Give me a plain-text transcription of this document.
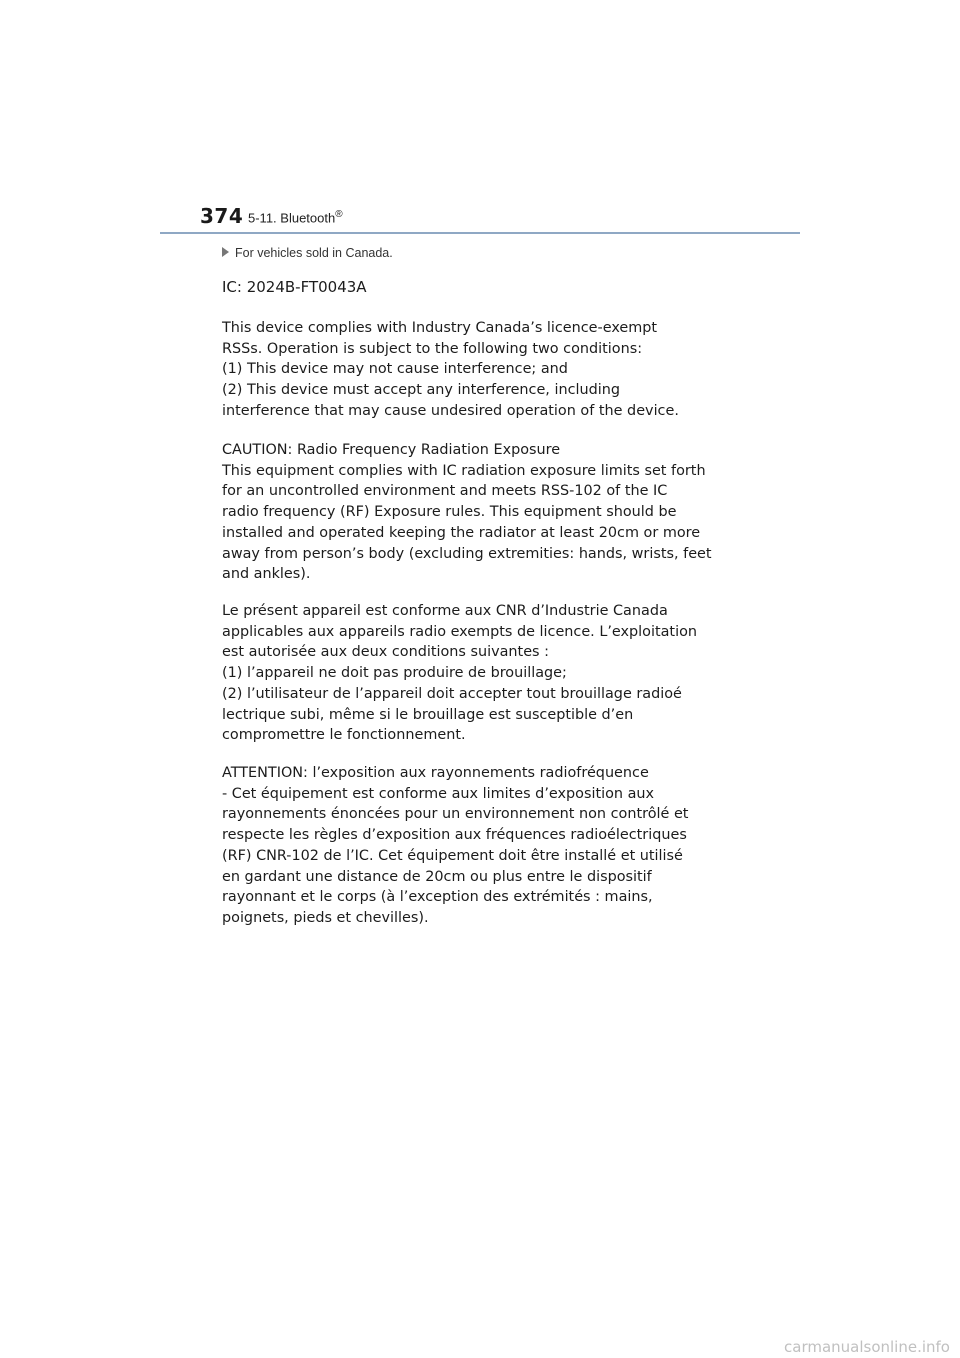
374 5-11. Bluetooth®
For vehicles sold in Canada.
IC: 2024B-FT0043A
This device complies with Industry Canada’s licence-exempt
RSSs. Operation is subject to the following two conditions:
(1) This device may not cause interference; and
(2) This device must accept any interference, including
interference that may cause undesired operation of the device.
CAUTION: Radio Frequency Radiation Exposure
This equipment complies with IC radiation exposure limits set forth
for an uncontrolled environment and meets RSS-102 of the IC
radio frequency (RF) Exposure rules. This equipment should be
installed and operated keeping the radiator at least 20cm or more
away from person’s body (excluding extremities: hands, wrists, feet
and ankles).
Le présent appareil est conforme aux CNR d’Industrie Canada
applicables aux appareils radio exempts de licence. L’exploitation
est autorisée aux deux conditions suivantes :
(1) l’appareil ne doit pas produire de brouillage;
(2) l’utilisateur de l’appareil doit accepter tout brouillage radioé
lectrique subi, même si le brouillage est susceptible d’en
compromettre le fonctionnement.
ATTENTION: l’exposition aux rayonnements radiofréquence
- Cet équipement est conforme aux limites d’exposition aux
rayonnements énoncées pour un environnement non contrôlé et
respecte les règles d’exposition aux fréquences radioélectriques
(RF) CNR-102 de l’IC. Cet équipement doit être installé et utilisé
en gardant une distance de 20cm ou plus entre le dispositif
rayonnant et le corps (à l’exception des extrémités : mains,
poignets, pieds et chevilles).
carmanualsonline.info
